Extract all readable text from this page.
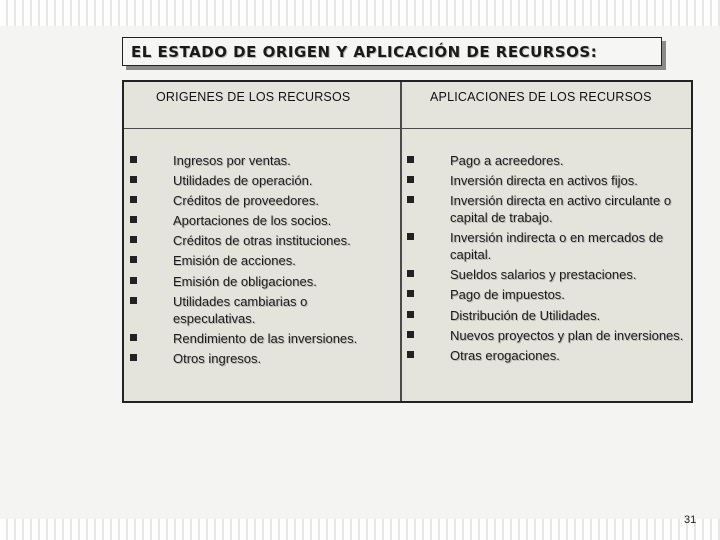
EL ESTADO DE ORIGEN Y APLICACIÓN DE RECURSOS:
ORIGENES DE LOS RECURSOS	APLICACIONES DE LOS RECURSOS
Ingresos por ventas.
Utilidades de operación.
Créditos de proveedores.
Aportaciones de los socios.
Créditos de otras instituciones.
Emisión de acciones.
Emisión de obligaciones.
Utilidades cambiarias o especulativas.
Rendimiento de las inversiones.
Otros ingresos.
Pago a acreedores.
Inversión directa en activos fijos.
Inversión directa en activo circulante o capital de trabajo.
Inversión indirecta o en mercados de capital.
Sueldos salarios y prestaciones.
Pago de impuestos.
Distribución de Utilidades.
Nuevos proyectos y plan de inversiones.
Otras erogaciones.
31
